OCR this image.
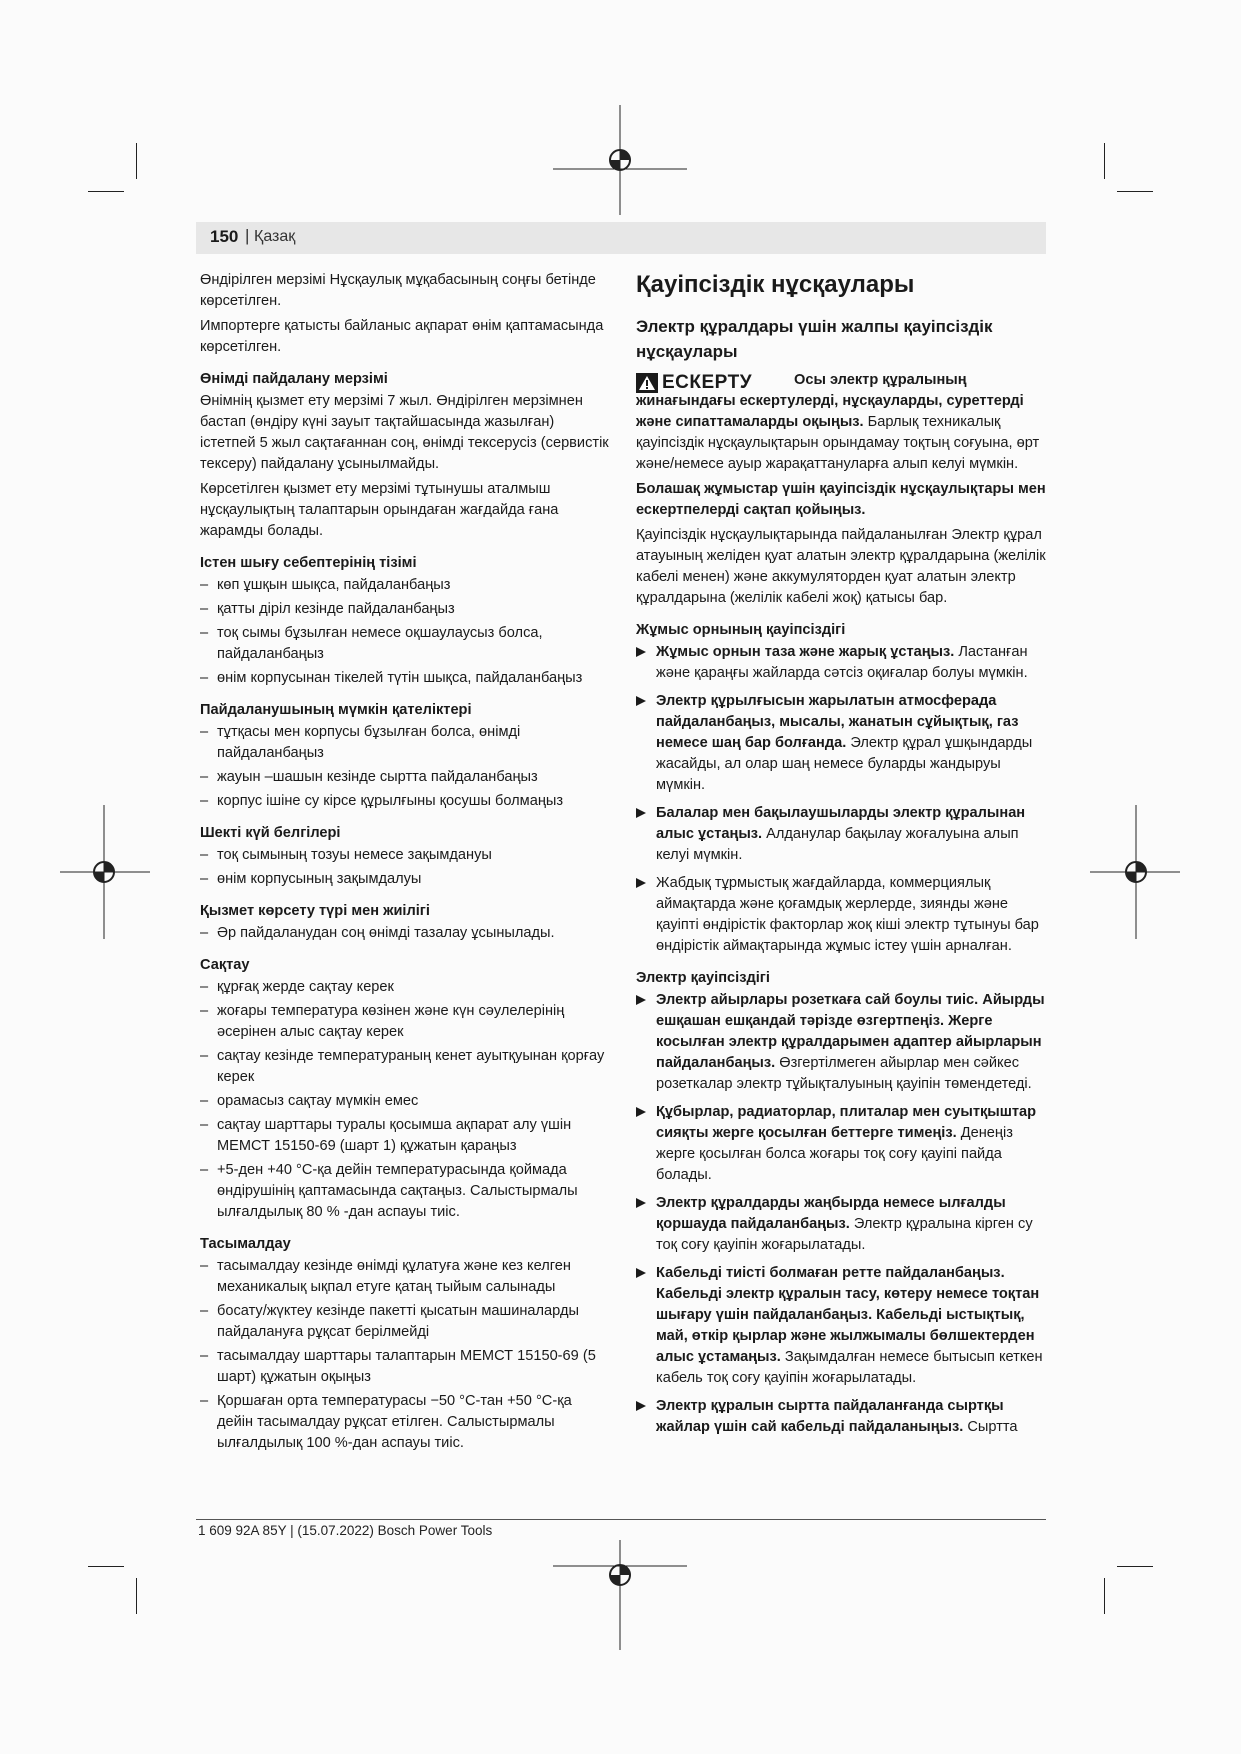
150 | Қазақ

Өндірілген мерзімі Нұсқаулық мұқабасының соңғы бетінде көрсетілген.

Импортерге қатысты байланыс ақпарат өнім қаптамасында көрсетілген.

Өнімді пайдалану мерзімі

Өнімнің қызмет ету мерзімі 7 жыл. Өндірілген мерзімнен бастап (өндіру күні зауыт тақтайшасында жазылған) істетпей 5 жыл сақтағаннан соң, өнімді тексерусіз (сервистік тексеру) пайдалану ұсынылмайды.

Көрсетілген қызмет ету мерзімі тұтынушы аталмыш нұсқаулықтың талаптарын орындаған жағдайда ғана жарамды болады.

Істен шығу себептерінің тізімі
– көп ұшқын шықса, пайдаланбаңыз
– қатты діріл кезінде пайдаланбаңыз
– тоқ сымы бұзылған немесе оқшаулаусыз болса, пайдаланбаңыз
– өнім корпусынан тікелей түтін шықса, пайдаланбаңыз
Пайдаланушының мүмкін қателіктері
– тұтқасы мен корпусы бұзылған болса, өнімді пайдаланбаңыз
– жауын –шашын кезінде сыртта пайдаланбаңыз
– корпус ішіне су кірсе құрылғыны қосушы болмаңыз
Шекті күй белгілері
– тоқ сымының тозуы немесе зақымдануы
– өнім корпусының зақымдалуы
Қызмет көрсету түрі мен жиілігі
– Әр пайдаланудан соң өнімді тазалау ұсынылады.
Сақтау
– құрғақ жерде сақтау керек
– жоғары температура көзінен және күн сәулелерінің әсерінен алыс сақтау керек
– сақтау кезінде температураның кенет ауытқуынан қорғау керек
– орамасыз сақтау мүмкін емес
– сақтау шарттары туралы қосымша ақпарат алу үшін МЕМСТ 15150-69 (шарт 1) құжатын қараңыз
– +5-ден +40 °C-қа дейін температурасында қоймада өндірушінің қаптамасында сақтаңыз. Салыстырмалы ылғалдылық 80 % -дан аспауы тиіс.
Тасымалдау
– тасымалдау кезінде өнімді құлатуға және кез келген механикалық ықпал етуге қатаң тыйым салынады
– босату/жүктеу кезінде пакетті қысатын машиналарды пайдалануға рұқсат берілмейді
– тасымалдау шарттары талаптарын МЕМСТ 15150-69 (5 шарт) құжатын оқыңыз
– Қоршаған орта температурасы −50 °C-тан +50 °C-қа дейін тасымалдау рұқсат етілген. Салыстырмалы ылғалдылық 100 %-дан аспауы тиіс.
Қауіпсіздік нұсқаулары
Электр құралдары үшін жалпы қауіпсіздік нұсқаулары
ЕСКЕРТУ	Осы электр құралының жинағындағы ескертулерді, нұсқауларды, суреттерді және сипаттамаларды оқыңыз. Барлық техникалық қауіпсіздік нұсқаулықтарын орындамау тоқтың соғуына, өрт және/немесе ауыр жарақаттануларға алып келуі мүмкін.

Болашақ жұмыстар үшін қауіпсіздік нұсқаулықтары мен ескертпелерді сақтап қойыңыз.

Қауіпсіздік нұсқаулықтарында пайдаланылған Электр құрал атауының желіден қуат алатын электр құралдарына (желілік кабелі менен) және аккумуляторден қуат алатын электр құралдарына (желілік кабелі жоқ) қатысы бар.

Жұмыс орнының қауіпсіздігі
Жұмыс орнын таза және жарық ұстаңыз. Ластанған және қараңғы жайларда сәтсіз оқиғалар болуы мүмкін.
Электр құрылғысын жарылатын атмосферада пайдаланбаңыз, мысалы, жанатын сұйықтық, газ немесе шаң бар болғанда. Электр құрал ұшқындарды жасайды, ал олар шаң немесе буларды жандыруы мүмкін.
Балалар мен бақылаушыларды электр құралынан алыс ұстаңыз. Алданулар бақылау жоғалуына алып келуі мүмкін.
Жабдық тұрмыстық жағдайларда, коммерциялық аймақтарда және қоғамдық жерлерде, зиянды және қауіпті өндірістік факторлар жоқ кіші электр тұтынуы бар өндірістік аймақтарында жұмыс істеу үшін арналған.
Электр қауіпсіздігі
Электр айырлары розеткаға сай боулы тиіс. Айырды ешқашан ешқандай тәрізде өзгертпеңіз. Жерге косылған электр құралдарымен адаптер айырларын пайдаланбаңыз. Өзгертілмеген айырлар мен сәйкес розеткалар электр тұйықталуының қауіпін төмендетеді.
Құбырлар, радиаторлар, плиталар мен суытқыштар сияқты жерге қосылған беттерге тимеңіз. Денеңіз жерге қосылған болса жоғары тоқ соғу қауіпі пайда болады.
Электр құралдарды жаңбырда немесе ылғалды қоршауда пайдаланбаңыз. Электр құралына кірген су тоқ соғу қауіпін жоғарылатады.
Кабельді тиісті болмаған ретте пайдаланбаңыз. Кабельді электр құралын тасу, көтеру немесе тоқтан шығару үшін пайдаланбаңыз. Кабельді ыстықтық, май, өткір қырлар және жылжымалы бөлшектерден алыс ұстамаңыз. Зақымдалған немесе бытысып кеткен кабель тоқ соғу қауіпін жоғарылатады.
Электр құралын сыртта пайдаланғанда сыртқы жайлар үшін сай кабельді пайдаланыңыз. Сыртта
1 609 92A 85Y | (15.07.2022) Bosch Power Tools
